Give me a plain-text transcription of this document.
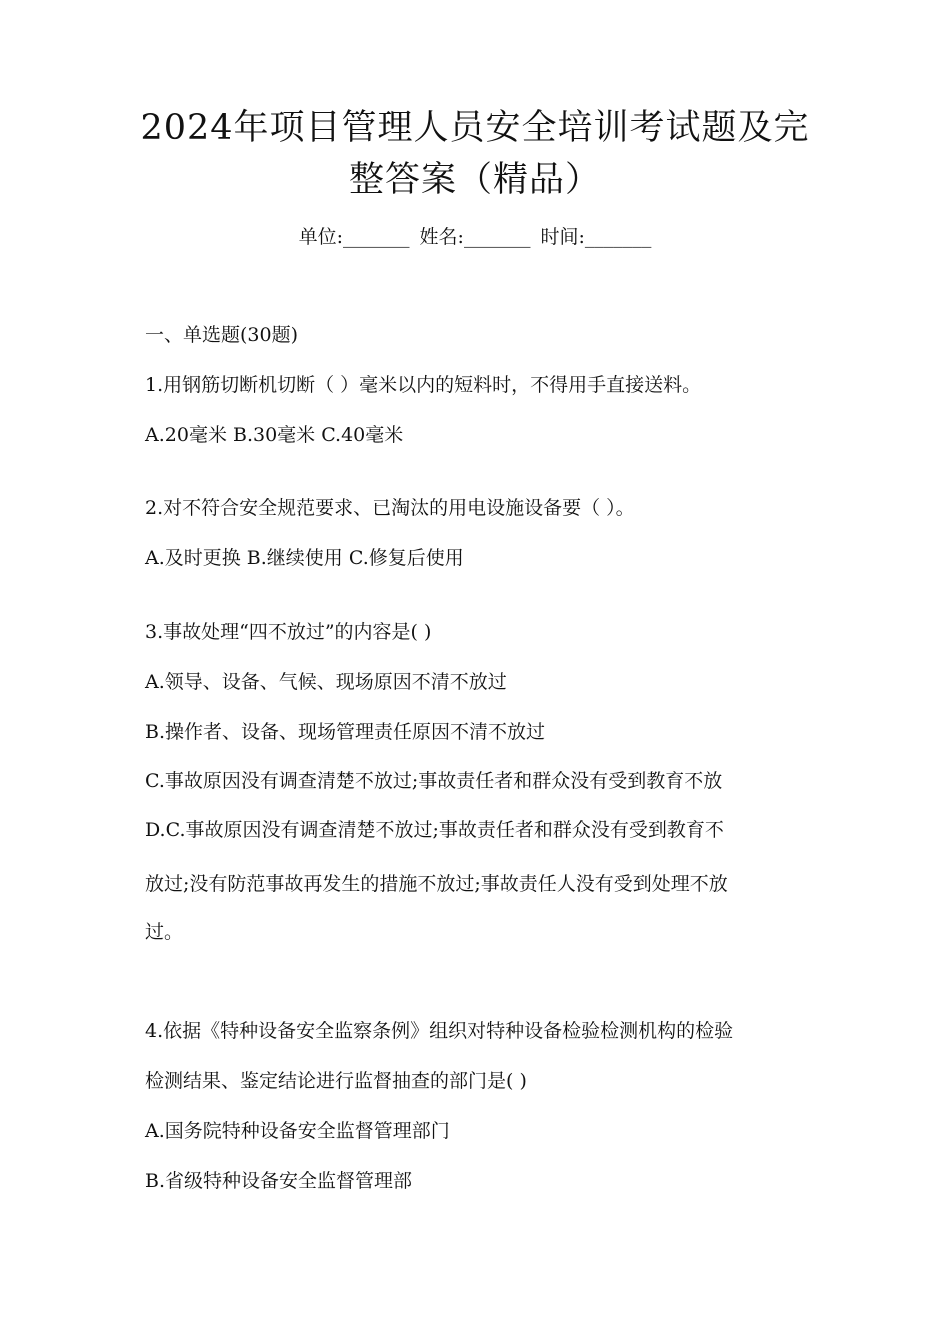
2024年项目管理人员安全培训考试题及完
整答案（精品）
单位:_______ 姓名:_______ 时间:_______
一、单选题(30题)
1.用钢筋切断机切断（ ）毫米以内的短料时，不得用手直接送料。
A.20毫米 B.30毫米 C.40毫米
2.对不符合安全规范要求、已淘汰的用电设施设备要（ ）。
A.及时更换 B.继续使用 C.修复后使用
3.事故处理“四不放过”的内容是( )
A.领导、设备、气候、现场原因不清不放过
B.操作者、设备、现场管理责任原因不清不放过
C.事故原因没有调查清楚不放过;事故责任者和群众没有受到教育不放
D.C.事故原因没有调查清楚不放过;事故责任者和群众没有受到教育不
放过;没有防范事故再发生的措施不放过;事故责任人没有受到处理不放
过。
4.依据《特种设备安全监察条例》组织对特种设备检验检测机构的检验
检测结果、鉴定结论进行监督抽查的部门是( )
A.国务院特种设备安全监督管理部门
B.省级特种设备安全监督管理部
